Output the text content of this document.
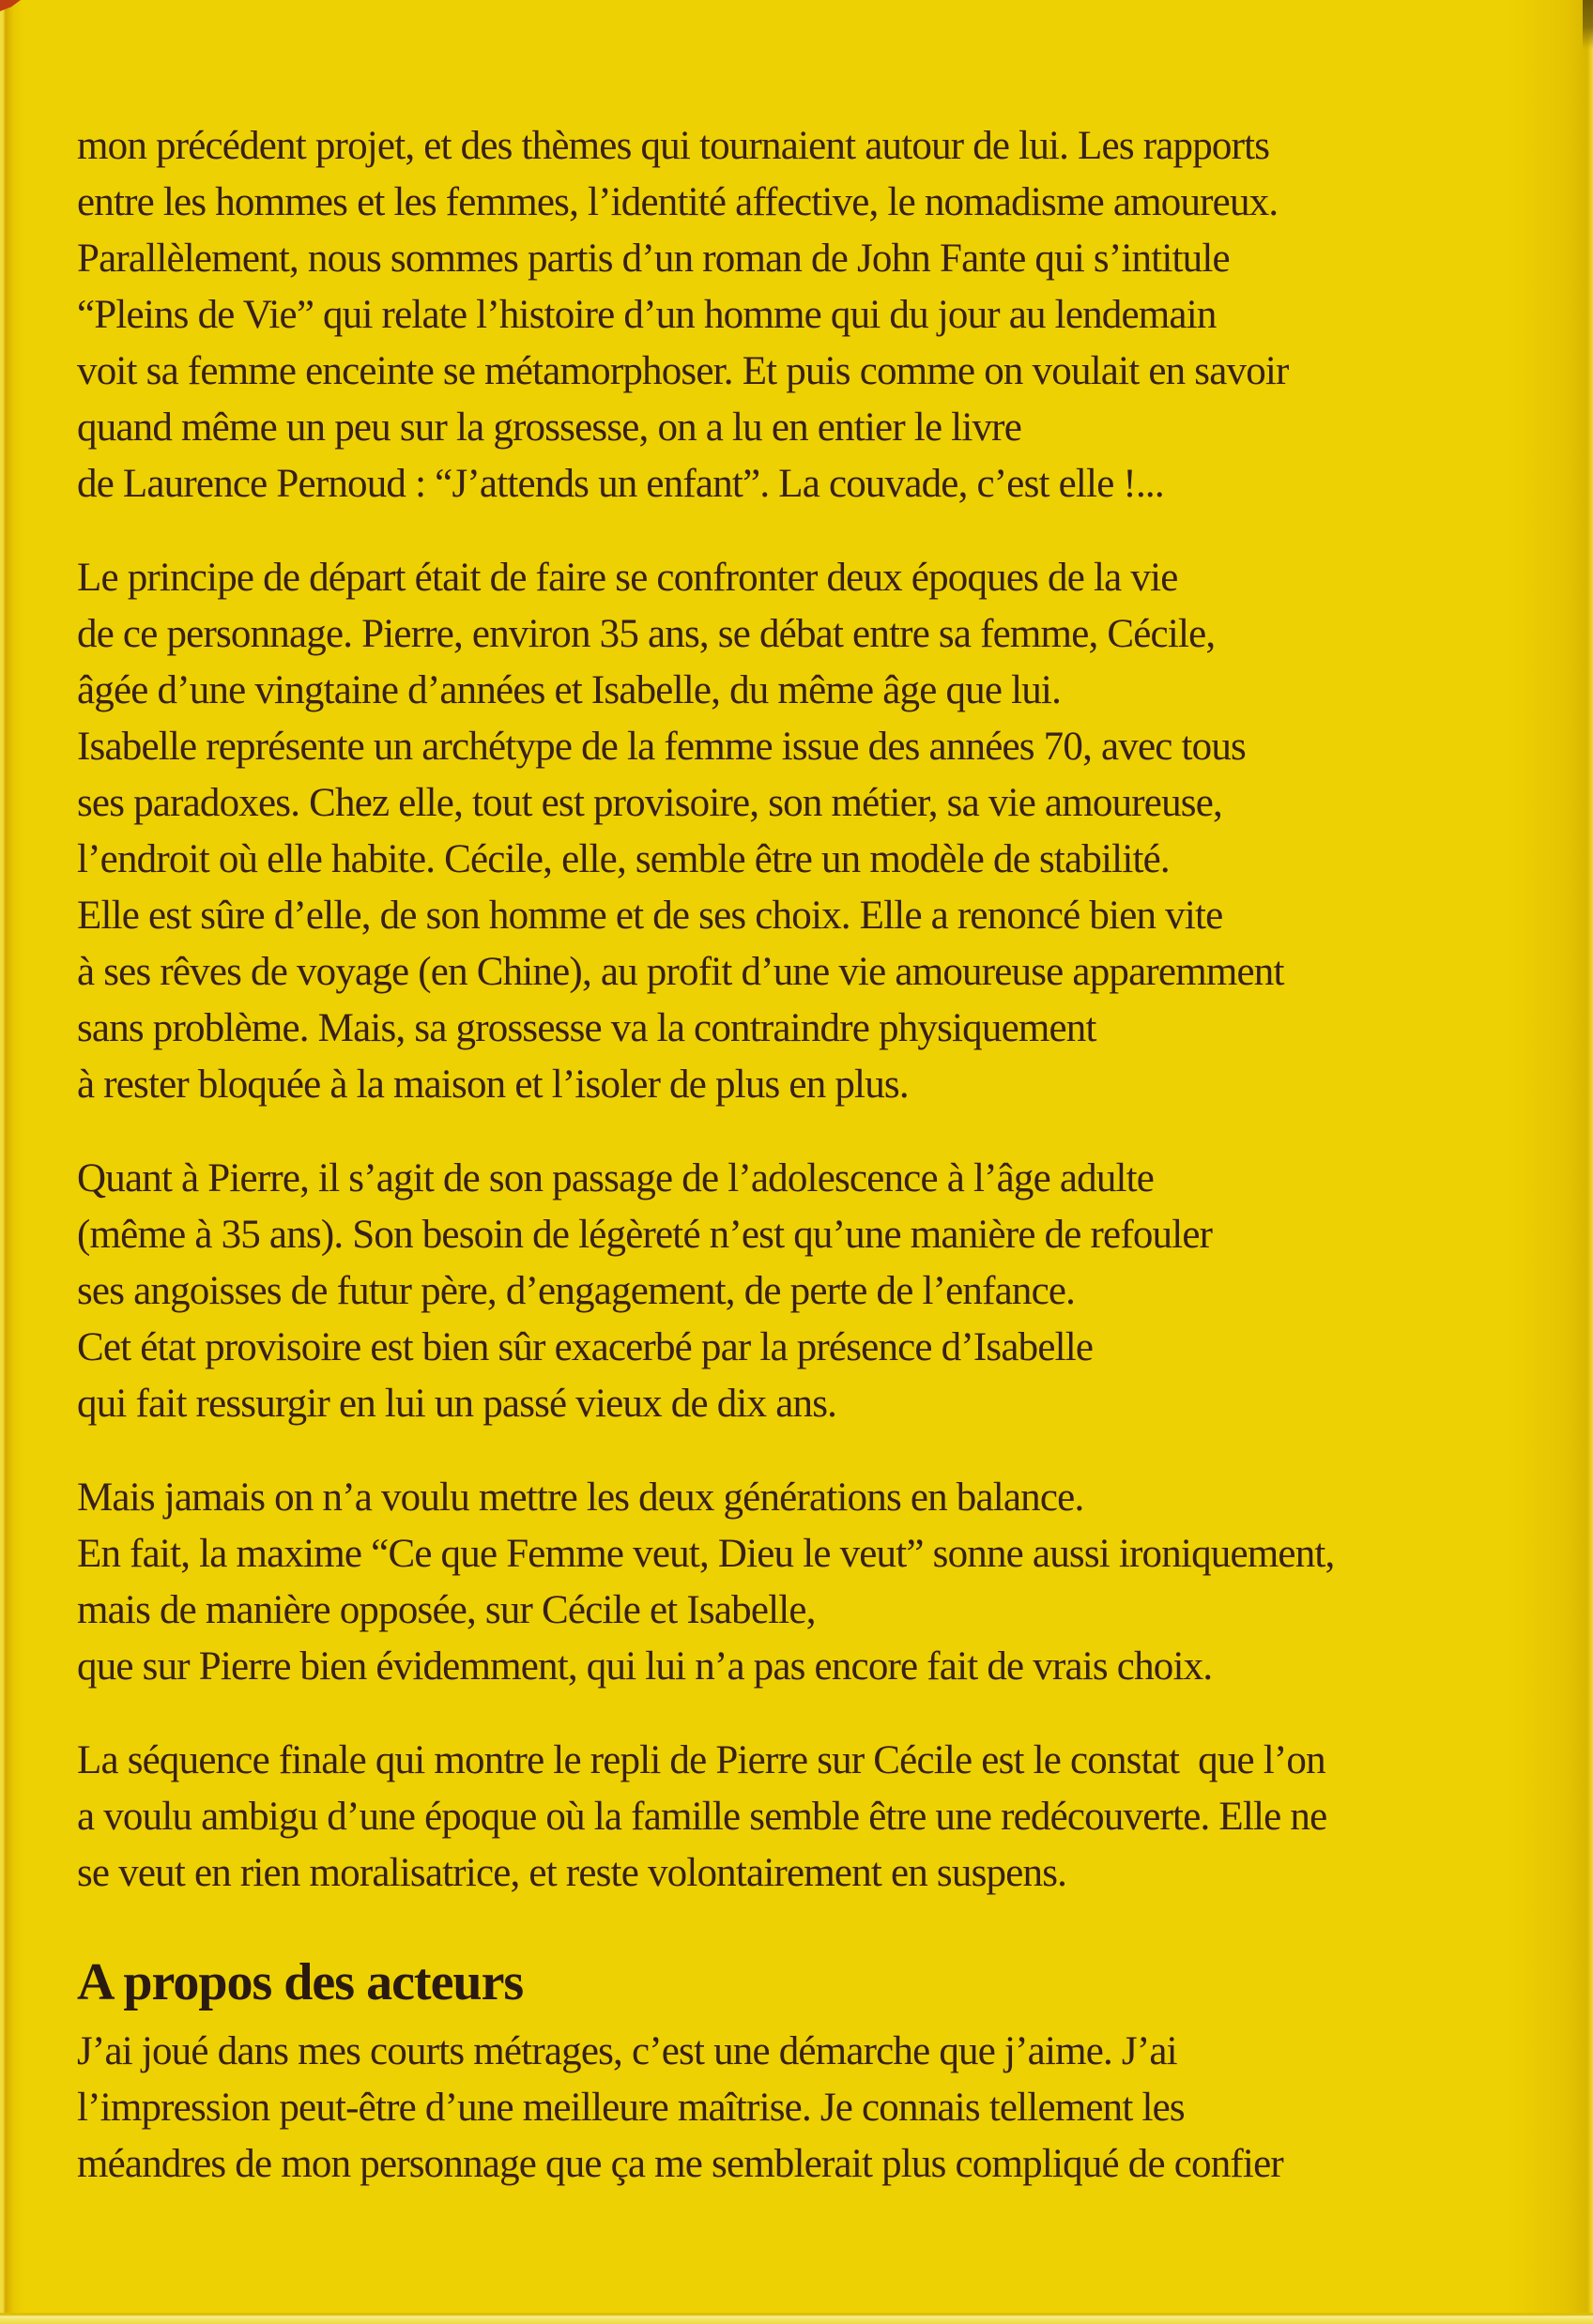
mon précédent projet, et des thèmes qui tournaient autour de lui. Les rapports
entre les hommes et les femmes, l’identité affective, le nomadisme amoureux.
Parallèlement, nous sommes partis d’un roman de John Fante qui s’intitule
“Pleins de Vie” qui relate l’histoire d’un homme qui du jour au lendemain
voit sa femme enceinte se métamorphoser. Et puis comme on voulait en savoir
quand même un peu sur la grossesse, on a lu en entier le livre
de Laurence Pernoud : “J’attends un enfant”. La couvade, c’est elle !...
Le principe de départ était de faire se confronter deux époques de la vie
de ce personnage. Pierre, environ 35 ans, se débat entre sa femme, Cécile,
âgée d’une vingtaine d’années et Isabelle, du même âge que lui.
Isabelle représente un archétype de la femme issue des années 70, avec tous
ses paradoxes. Chez elle, tout est provisoire, son métier, sa vie amoureuse,
l’endroit où elle habite. Cécile, elle, semble être un modèle de stabilité.
Elle est sûre d’elle, de son homme et de ses choix. Elle a renoncé bien vite
à ses rêves de voyage (en Chine), au profit d’une vie amoureuse apparemment
sans problème. Mais, sa grossesse va la contraindre physiquement
à rester bloquée à la maison et l’isoler de plus en plus.
Quant à Pierre, il s’agit de son passage de l’adolescence à l’âge adulte
(même à 35 ans). Son besoin de légèreté n’est qu’une manière de refouler
ses angoisses de futur père, d’engagement, de perte de l’enfance.
Cet état provisoire est bien sûr exacerbé par la présence d’Isabelle
qui fait ressurgir en lui un passé vieux de dix ans.
Mais jamais on n’a voulu mettre les deux générations en balance.
En fait, la maxime “Ce que Femme veut, Dieu le veut” sonne aussi ironiquement,
mais de manière opposée, sur Cécile et Isabelle,
que sur Pierre bien évidemment, qui lui n’a pas encore fait de vrais choix.
La séquence finale qui montre le repli de Pierre sur Cécile est le constat  que l’on
a voulu ambigu d’une époque où la famille semble être une redécouverte. Elle ne
se veut en rien moralisatrice, et reste volontairement en suspens.
A propos des acteurs
J’ai joué dans mes courts métrages, c’est une démarche que j’aime. J’ai
l’impression peut-être d’une meilleure maîtrise. Je connais tellement les
méandres de mon personnage que ça me semblerait plus compliqué de confier
